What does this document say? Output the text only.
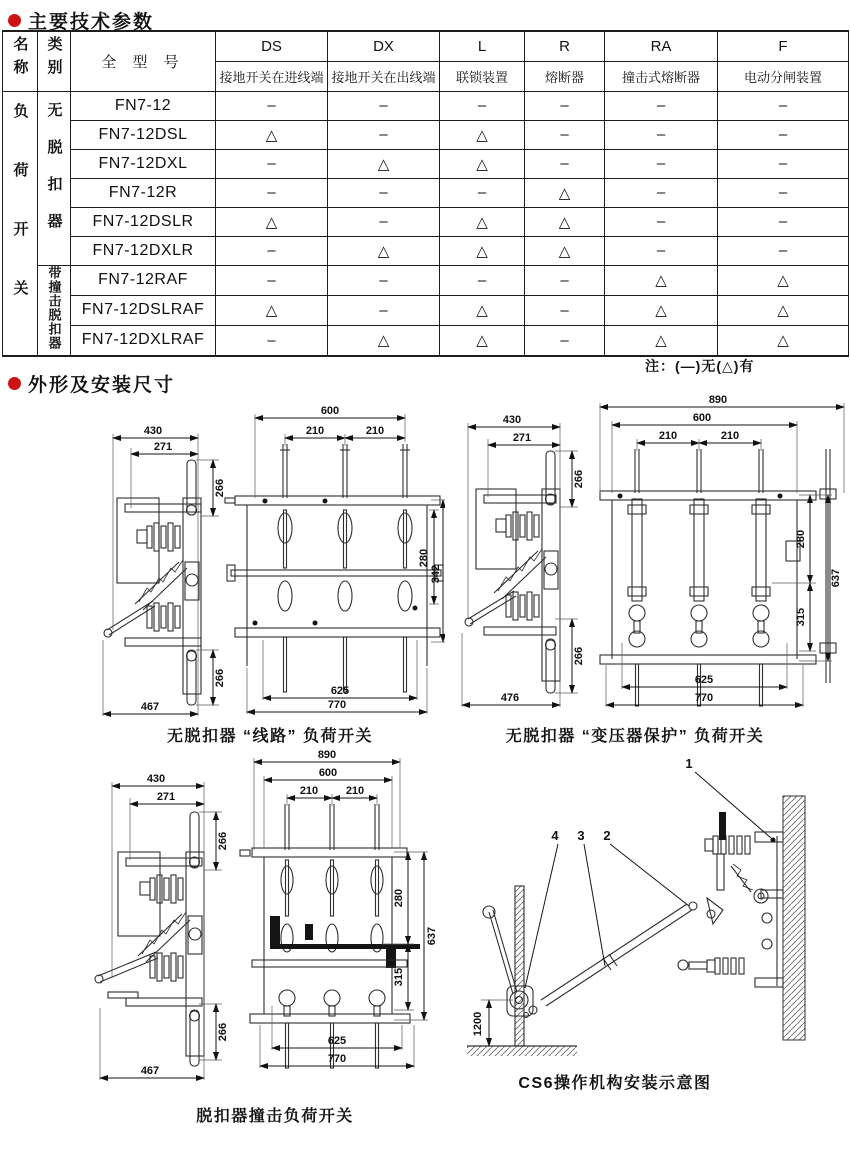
主要技术参数
名称	类别	全 型 号	DS	DX	L	R	RA	F
			接地开关在进线端	接地开关在出线端	联锁装置	熔断器	撞击式熔断器	电动分闸装置
负荷开关	无脱扣器	FN7-12	–	–	–	–	–	–
		FN7-12DSL	△	–	△	–	–	–
		FN7-12DXL	–	△	△	–	–	–
		FN7-12R	–	–	–	△	–	–
		FN7-12DSLR	△	–	△	△	–	–
		FN7-12DXLR	–	△	△	△	–	–
	带撞击脱扣器	FN7-12RAF	–	–	–	–	△	△
		FN7-12DSLRAF	△	–	△	–	△	△
		FN7-12DXLRAF	–	△	△	–	△	△
注：(—)无(△)有
外形及安装尺寸
430
271
266
266
467
600
210	210
280
342
625
770
无脱扣器 “线路” 负荷开关
430
271
266
266
476
890
600
210	210
280
315
637
625
770
无脱扣器 “变压器保护” 负荷开关
430
271
266
266
467
890
600
210	210
280
315
637
625
770
脱扣器撞击负荷开关
1
4 3 2
1200
CS6操作机构安装示意图
